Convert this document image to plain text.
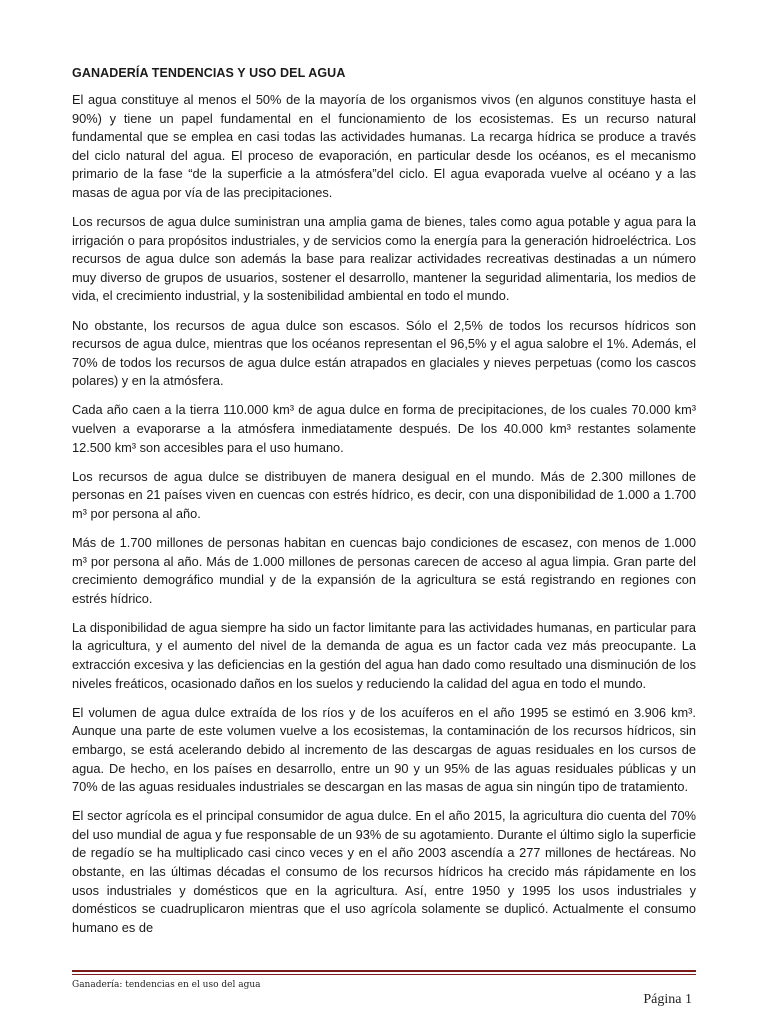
GANADERÍA TENDENCIAS Y USO DEL AGUA

El agua constituye al menos el 50% de la mayoría de los organismos vivos (en algunos constituye hasta el 90%) y tiene un papel fundamental en el funcionamiento de los ecosistemas. Es un recurso natural fundamental que se emplea en casi todas las actividades humanas. La recarga hídrica se produce a través del ciclo natural del agua. El proceso de evaporación, en particular desde los océanos, es el mecanismo primario de la fase “de la superficie a la atmósfera”del ciclo. El agua evaporada vuelve al océano y a las masas de agua por vía de las precipitaciones.

Los recursos de agua dulce suministran una amplia gama de bienes, tales como agua potable y agua para la irrigación o para propósitos industriales, y de servicios como la energía para la generación hidroeléctrica. Los recursos de agua dulce son además la base para realizar actividades recreativas destinadas a un número muy diverso de grupos de usuarios, sostener el desarrollo, mantener la seguridad alimentaria, los medios de vida, el crecimiento industrial, y la sostenibilidad ambiental en todo el mundo.

No obstante, los recursos de agua dulce son escasos. Sólo el 2,5% de todos los recursos hídricos son recursos de agua dulce, mientras que los océanos representan el 96,5% y el agua salobre el 1%. Además, el 70% de todos los recursos de agua dulce están atrapados en glaciales y nieves perpetuas (como los cascos polares) y en la atmósfera.

Cada año caen a la tierra 110.000 km³ de agua dulce en forma de precipitaciones, de los cuales 70.000 km³ vuelven a evaporarse a la atmósfera inmediatamente después. De los 40.000 km³ restantes solamente 12.500 km³ son accesibles para el uso humano.

Los recursos de agua dulce se distribuyen de manera desigual en el mundo. Más de 2.300 millones de personas en 21 países viven en cuencas con estrés hídrico, es decir, con una disponibilidad de 1.000 a 1.700 m³ por persona al año.

Más de 1.700 millones de personas habitan en cuencas bajo condiciones de escasez, con menos de 1.000 m³ por persona al año. Más de 1.000 millones de personas carecen de acceso al agua limpia. Gran parte del crecimiento demográfico mundial y de la expansión de la agricultura se está registrando en regiones con estrés hídrico.

La disponibilidad de agua siempre ha sido un factor limitante para las actividades humanas, en particular para la agricultura, y el aumento del nivel de la demanda de agua es un factor cada vez más preocupante. La extracción excesiva y las deficiencias en la gestión del agua han dado como resultado una disminución de los niveles freáticos, ocasionado daños en los suelos y reduciendo la calidad del agua en todo el mundo.

El volumen de agua dulce extraída de los ríos y de los acuíferos en el año 1995 se estimó en 3.906 km³. Aunque una parte de este volumen vuelve a los ecosistemas, la contaminación de los recursos hídricos, sin embargo, se está acelerando debido al incremento de las descargas de aguas residuales en los cursos de agua. De hecho, en los países en desarrollo, entre un 90 y un 95% de las aguas residuales públicas y un 70% de las aguas residuales industriales se descargan en las masas de agua sin ningún tipo de tratamiento.

El sector agrícola es el principal consumidor de agua dulce. En el año 2015, la agricultura dio cuenta del 70% del uso mundial de agua y fue responsable de un 93% de su agotamiento. Durante el último siglo la superficie de regadío se ha multiplicado casi cinco veces y en el año 2003 ascendía a 277 millones de hectáreas. No obstante, en las últimas décadas el consumo de los recursos hídricos ha crecido más rápidamente en los usos industriales y domésticos que en la agricultura. Así, entre 1950 y 1995 los usos industriales y domésticos se cuadruplicaron mientras que el uso agrícola solamente se duplicó. Actualmente el consumo humano es de

Ganadería: tendencias en el uso del agua
Página 1
